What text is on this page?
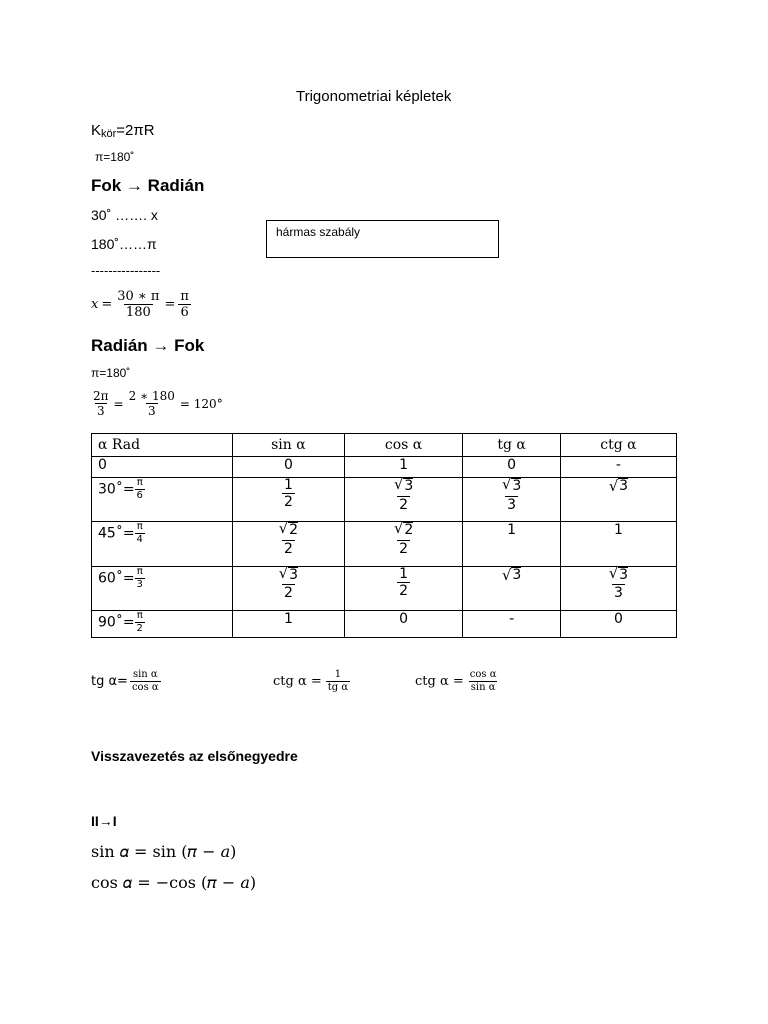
Trigonometriai képletek
Kkör=2πR
π=180˚
Fok → Radián
30˚ ……. x
180˚……π
----------------
hármas szabály
$x = \frac{30 ∗ \pi}{180} = \frac{\pi}{6}$
Radián → Fok
π=180˚
$\frac{2\pi}{3} = \frac{2 ∗ 180}{3} = 120^\circ$
α Rad	sin α	cos α	tg α	ctg α
0	0	1	0	-
30˚= $\frac{\pi}{6}$	$\frac{1}{2}$	$\frac{√ 3}{2}$	$\frac{√ 3}{3}$	√ 3

45˚= $\frac{\pi}{4}$	$\frac{√ 2}{2}$	$\frac{√ 2}{2}$	1	1
60˚= $\frac{\pi}{3}$	$\frac{√ 3}{2}$	$\frac{1}{2}$	√ 3	$\frac{√ 3}{3}$

90˚= $\frac{\pi}{2}$	1	0	-	0
tg $\alpha= \frac{\text{sin α}}{\text{cos α}}$	ctg $\alpha = \frac{1}{\text{tg α}}$	ctg $\alpha = \frac{\text{cos α}}{\text{sin α}}$
Visszavezetés az elsőnegyedre
II→I
sin 𝛼 = sin (𝜋 − 𝑎)
cos 𝛼 = −cos (𝜋 − 𝑎)
